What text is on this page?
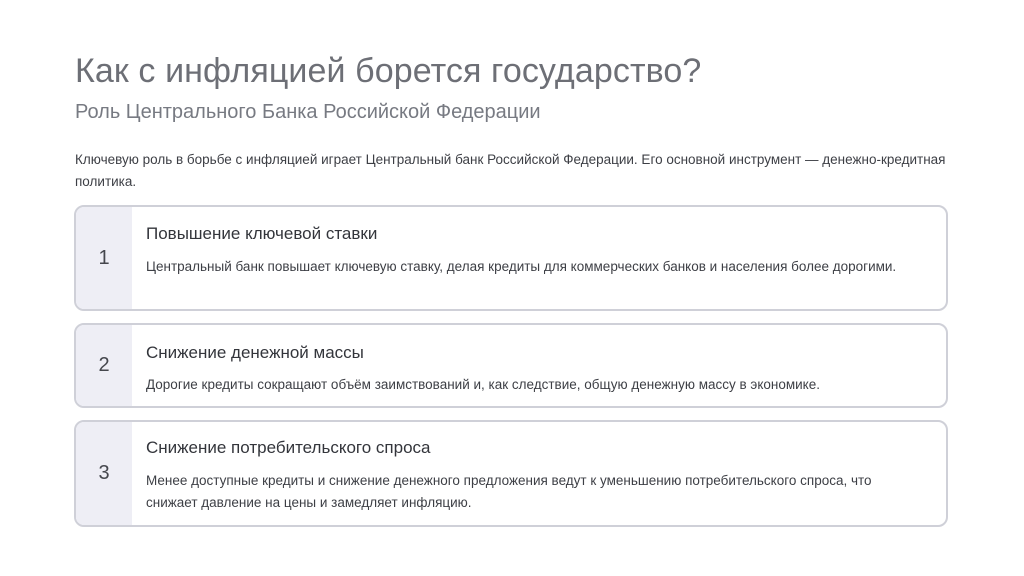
Как с инфляцией борется государство?
Роль Центрального Банка Российской Федерации
Ключевую роль в борьбе с инфляцией играет Центральный банк Российской Федерации. Его основной инструмент — денежно-кредитная политика.
1
Повышение ключевой ставки
Центральный банк повышает ключевую ставку, делая кредиты для коммерческих банков и населения более дорогими.
2
Снижение денежной массы
Дорогие кредиты сокращают объём заимствований и, как следствие, общую денежную массу в экономике.
3
Снижение потребительского спроса
Менее доступные кредиты и снижение денежного предложения ведут к уменьшению потребительского спроса, что снижает давление на цены и замедляет инфляцию.
